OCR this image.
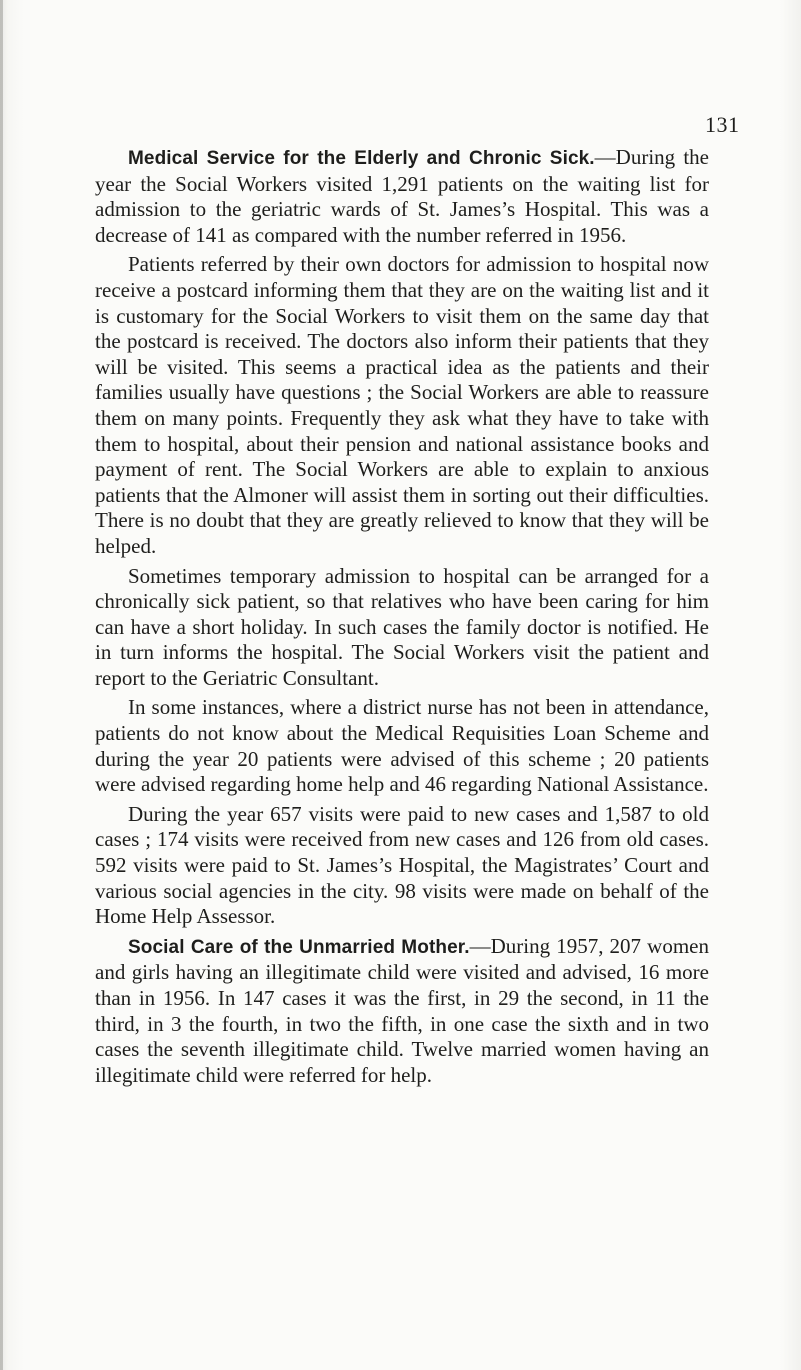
131

Medical Service for the Elderly and Chronic Sick.—During the year the Social Workers visited 1,291 patients on the waiting list for admission to the geriatric wards of St. James’s Hospital. This was a decrease of 141 as compared with the number referred in 1956.

Patients referred by their own doctors for admission to hospital now receive a postcard informing them that they are on the waiting list and it is customary for the Social Workers to visit them on the same day that the postcard is received. The doctors also inform their patients that they will be visited. This seems a practical idea as the patients and their families usually have questions ; the Social Workers are able to reassure them on many points. Frequently they ask what they have to take with them to hospital, about their pension and national assistance books and payment of rent. The Social Workers are able to explain to anxious patients that the Almoner will assist them in sorting out their difficulties. There is no doubt that they are greatly relieved to know that they will be helped.

Sometimes temporary admission to hospital can be arranged for a chronically sick patient, so that relatives who have been caring for him can have a short holiday. In such cases the family doctor is notified. He in turn informs the hospital. The Social Workers visit the patient and report to the Geriatric Consultant.

In some instances, where a district nurse has not been in attendance, patients do not know about the Medical Requisities Loan Scheme and during the year 20 patients were advised of this scheme ; 20 patients were advised regarding home help and 46 regarding National Assistance.

During the year 657 visits were paid to new cases and 1,587 to old cases ; 174 visits were received from new cases and 126 from old cases. 592 visits were paid to St. James’s Hospital, the Magistrates’ Court and various social agencies in the city. 98 visits were made on behalf of the Home Help Assessor.

Social Care of the Unmarried Mother.—During 1957, 207 women and girls having an illegitimate child were visited and advised, 16 more than in 1956. In 147 cases it was the first, in 29 the second, in 11 the third, in 3 the fourth, in two the fifth, in one case the sixth and in two cases the seventh illegitimate child. Twelve married women having an illegitimate child were referred for help.
